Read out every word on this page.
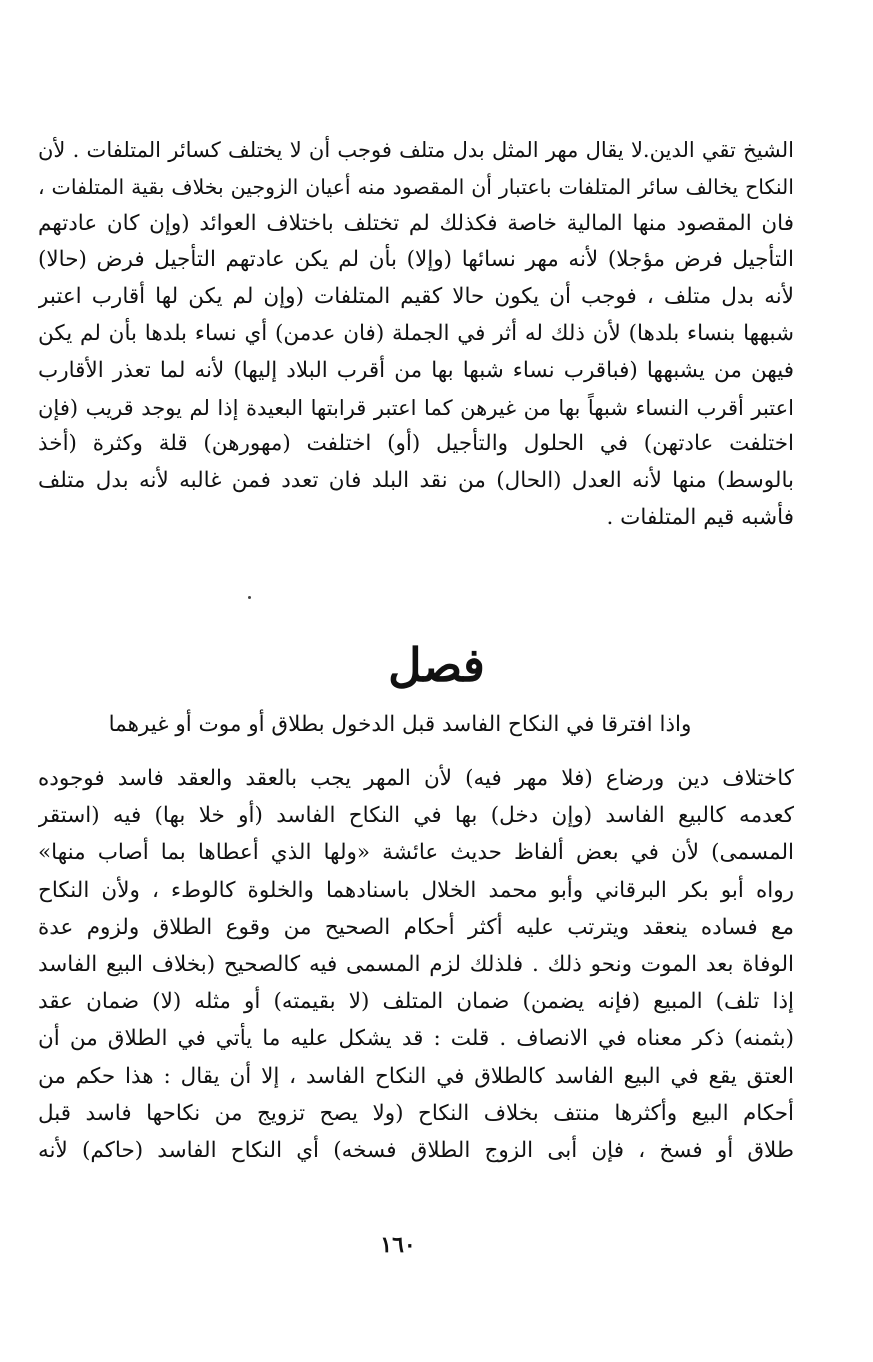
الشيخ تقي الدين.لا يقال مهر المثل بدل متلف فوجب أن لا يختلف كسائر المتلفات . لأن
النكاح يخالف سائر المتلفات باعتبار أن المقصود منه أعيان الزوجين بخلاف بقية المتلفات ،
فان المقصود منها المالية خاصة فكذلك لم تختلف باختلاف العوائد (وإن كان عادتهم
التأجيل فرض مؤجلا) لأنه مهر نسائها (وإلا) بأن لم يكن عادتهم التأجيل فرض (حالا)
لأنه بدل متلف ، فوجب أن يكون حالا كقيم المتلفات (وإن لم يكن لها أقارب اعتبر
شبهها بنساء بلدها) لأن ذلك له أثر في الجملة (فان عدمن) أي نساء بلدها بأن لم يكن
فيهن من يشبهها (فباقرب نساء شبها بها من أقرب البلاد إليها) لأنه لما تعذر الأقارب
اعتبر أقرب النساء شبهاً بها من غيرهن كما اعتبر قرابتها البعيدة إذا لم يوجد قريب (فإن
اختلفت عادتهن) في الحلول والتأجيل (أو) اختلفت (مهورهن) قلة وكثرة (أخذ
بالوسط) منها لأنه العدل (الحال) من نقد البلد فان تعدد فمن غالبه لأنه بدل متلف
فأشبه قيم المتلفات .
فصل
واذا افترقا في النكاح الفاسد قبل الدخول بطلاق أو موت أو غيرهما
كاختلاف دين ورضاع (فلا مهر فيه) لأن المهر يجب بالعقد والعقد فاسد فوجوده
كعدمه كالبيع الفاسد (وإن دخل) بها في النكاح الفاسد (أو خلا بها) فيه (استقر
المسمى) لأن في بعض ألفاظ حديث عائشة «ولها الذي أعطاها بما أصاب منها»
رواه أبو بكر البرقاني وأبو محمد الخلال باسنادهما والخلوة كالوطء ، ولأن النكاح
مع فساده ينعقد ويترتب عليه أكثر أحكام الصحيح من وقوع الطلاق ولزوم عدة
الوفاة بعد الموت ونحو ذلك . فلذلك لزم المسمى فيه كالصحيح (بخلاف البيع الفاسد
إذا تلف) المبيع (فإنه يضمن) ضمان المتلف (لا بقيمته) أو مثله (لا) ضمان عقد
(بثمنه) ذكر معناه في الانصاف . قلت : قد يشكل عليه ما يأتي في الطلاق من أن
العتق يقع في البيع الفاسد كالطلاق في النكاح الفاسد ، إلا أن يقال : هذا حكم من
أحكام البيع وأكثرها منتف بخلاف النكاح (ولا يصح تزويج من نكاحها فاسد قبل
طلاق أو فسخ ، فإن أبى الزوج الطلاق فسخه) أي النكاح الفاسد (حاكم) لأنه
١٦٠
